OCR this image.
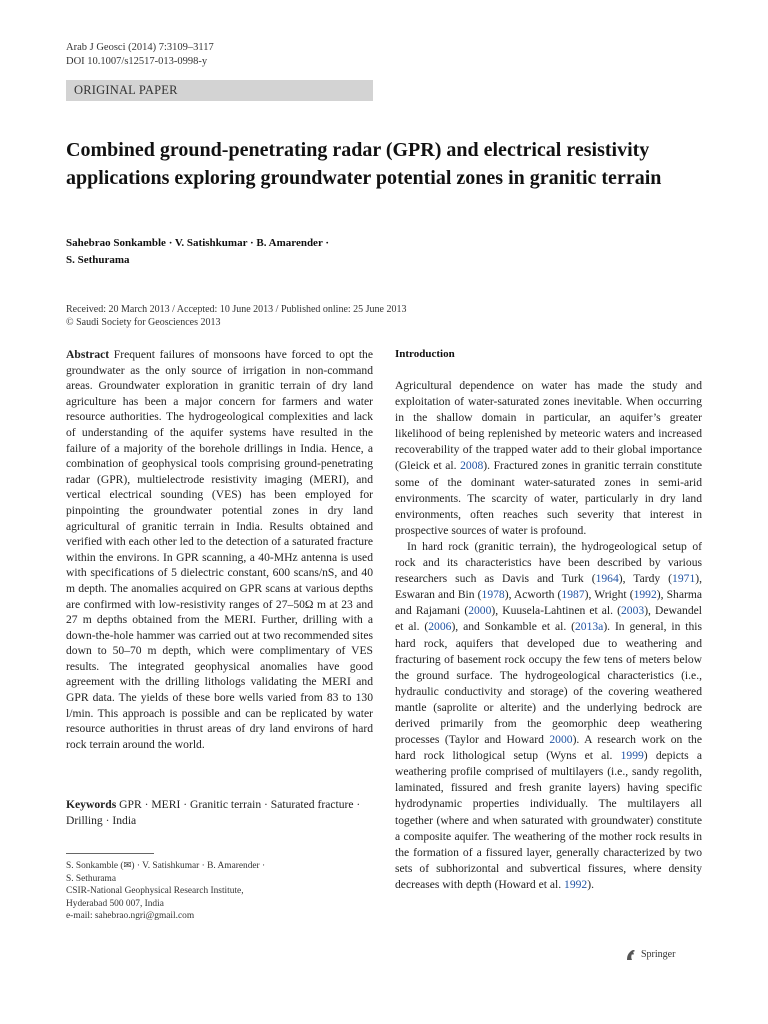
Arab J Geosci (2014) 7:3109–3117
DOI 10.1007/s12517-013-0998-y
ORIGINAL PAPER
Combined ground-penetrating radar (GPR) and electrical resistivity applications exploring groundwater potential zones in granitic terrain
Sahebrao Sonkamble · V. Satishkumar · B. Amarender ·
S. Sethurama
Received: 20 March 2013 / Accepted: 10 June 2013 / Published online: 25 June 2013
© Saudi Society for Geosciences 2013

Abstract Frequent failures of monsoons have forced to opt the groundwater as the only source of irrigation in non-command areas. Groundwater exploration in granitic terrain of dry land agriculture has been a major concern for farmers and water resource authorities. The hydrogeological complexities and lack of understanding of the aquifer systems have resulted in the failure of a majority of the borehole drillings in India. Hence, a combination of geophysical tools comprising ground-penetrating radar (GPR), multielectrode resistivity imaging (MERI), and vertical electrical sounding (VES) has been employed for pinpointing the groundwater potential zones in dry land agricultural of granitic terrain in India. Results obtained and verified with each other led to the detection of a saturated fracture within the environs. In GPR scanning, a 40-MHz antenna is used with specifications of 5 dielectric constant, 600 scans/nS, and 40 m depth. The anomalies acquired on GPR scans at various depths are confirmed with low-resistivity ranges of 27–50Ω m at 23 and 27 m depths obtained from the MERI. Further, drilling with a down-the-hole hammer was carried out at two recommended sites down to 50–70 m depth, which were complimentary of VES results. The integrated geophysical anomalies have good agreement with the drilling lithologs validating the MERI and GPR data. The yields of these bore wells varied from 83 to 130 l/min. This approach is possible and can be replicated by water resource authorities in thrust areas of dry land environs of hard rock terrain around the world.

Keywords GPR · MERI · Granitic terrain · Saturated fracture · Drilling · India

S. Sonkamble (✉) · V. Satishkumar · B. Amarender ·
S. Sethurama
CSIR-National Geophysical Research Institute,
Hyderabad 500 007, India
e-mail: sahebrao.ngri@gmail.com
Introduction

Agricultural dependence on water has made the study and exploitation of water-saturated zones inevitable. When occurring in the shallow domain in particular, an aquifer’s greater likelihood of being replenished by meteoric waters and increased recoverability of the trapped water add to their global importance (Gleick et al. 2008). Fractured zones in granitic terrain constitute some of the dominant water-saturated zones in semi-arid environments. The scarcity of water, particularly in dry land environments, often reaches such severity that interest in prospective sources of water is profound.

In hard rock (granitic terrain), the hydrogeological setup of rock and its characteristics have been described by various researchers such as Davis and Turk (1964), Tardy (1971), Eswaran and Bin (1978), Acworth (1987), Wright (1992), Sharma and Rajamani (2000), Kuusela-Lahtinen et al. (2003), Dewandel et al. (2006), and Sonkamble et al. (2013a). In general, in this hard rock, aquifers that developed due to weathering and fracturing of basement rock occupy the few tens of meters below the ground surface. The hydrogeological characteristics (i.e., hydraulic conductivity and storage) of the covering weathered mantle (saprolite or alterite) and the underlying bedrock are derived primarily from the geomorphic deep weathering processes (Taylor and Howard 2000). A research work on the hard rock lithological setup (Wyns et al. 1999) depicts a weathering profile comprised of multilayers (i.e., sandy regolith, laminated, fissured and fresh granite layers) having specific hydrodynamic properties individually. The multilayers all together (where and when saturated with groundwater) constitute a composite aquifer. The weathering of the mother rock results in the formation of a fissured layer, generally characterized by two sets of subhorizontal and subvertical fissures, where density decreases with depth (Howard et al. 1992).

Springer
